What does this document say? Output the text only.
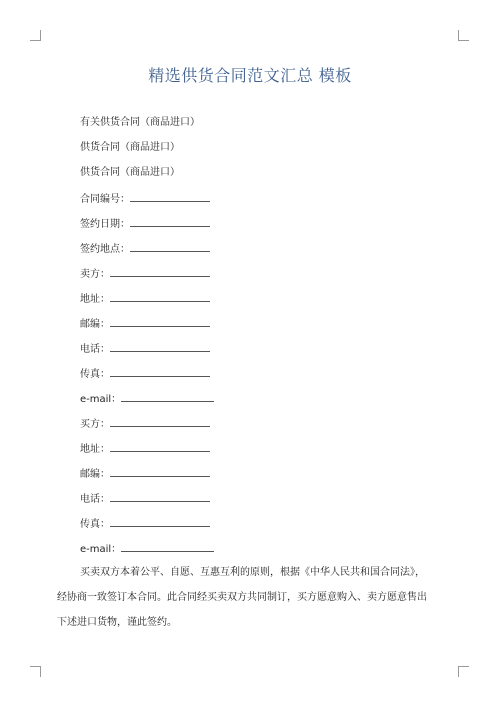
精选供货合同范文汇总 模板
有关供货合同（商品进口）
供货合同（商品进口）
供货合同（商品进口）
合同编号：
签约日期：
签约地点：
卖方：
地址：
邮编：
电话：
传真：
e-mail：
买方：
地址：
邮编：
电话：
传真：
e-mail：
买卖双方本着公平、自愿、互惠互利的原则，根据《中华人民共和国合同法》，
经协商一致签订本合同。此合同经买卖双方共同制订，买方愿意购入、卖方愿意售出
下述进口货物，谨此签约。
